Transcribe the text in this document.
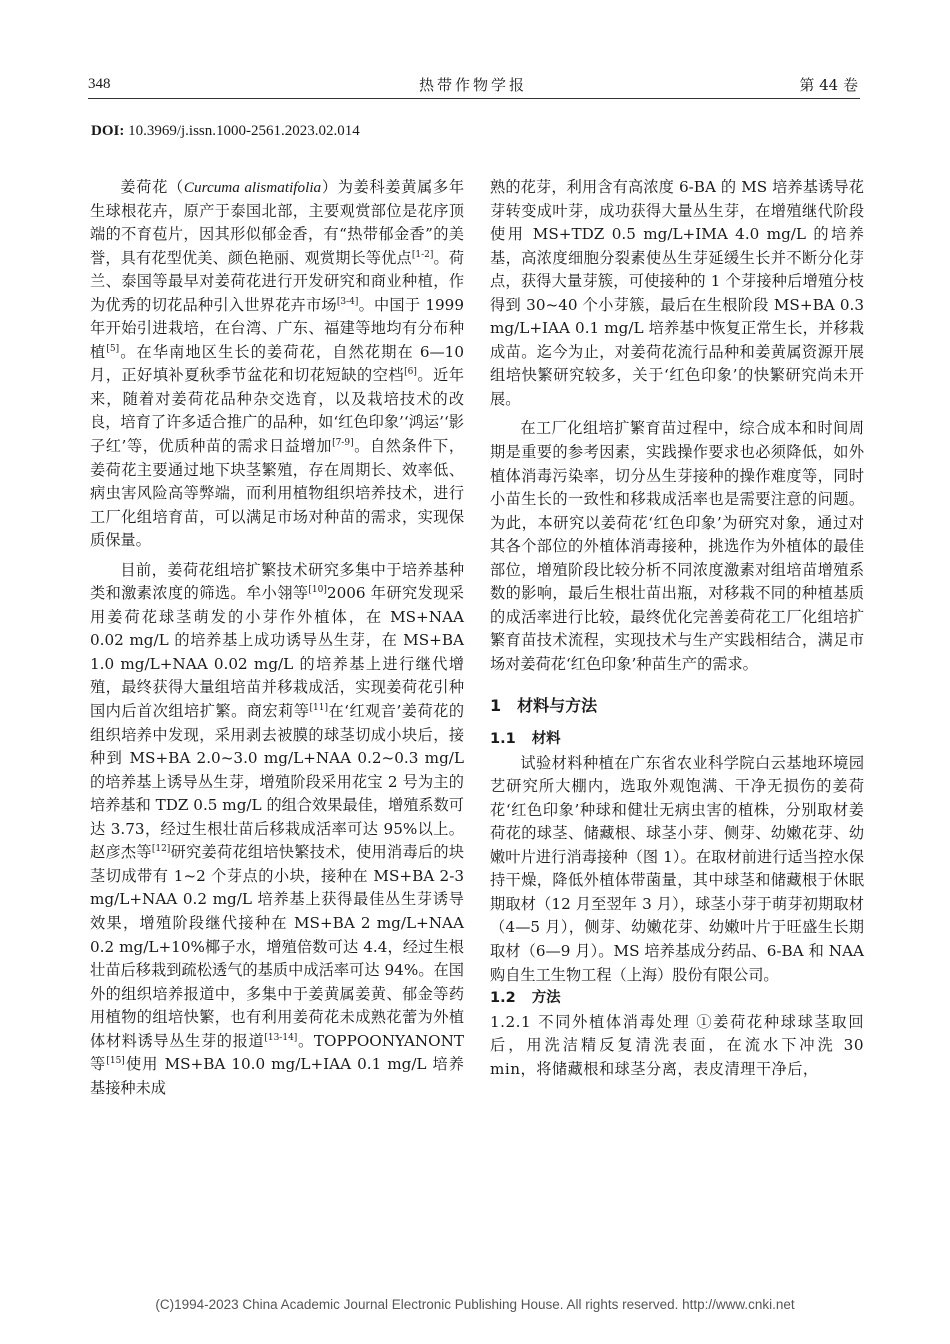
348	热带作物学报	第 44 卷
DOI: 10.3969/j.issn.1000-2561.2023.02.014

姜荷花（Curcuma alismatifolia）为姜科姜黄属多年生球根花卉，原产于泰国北部，主要观赏部位是花序顶端的不育苞片，因其形似郁金香，有“热带郁金香”的美誉，具有花型优美、颜色艳丽、观赏期长等优点[1-2]。荷兰、泰国等最早对姜荷花进行开发研究和商业种植，作为优秀的切花品种引入世界花卉市场[3-4]。中国于 1999 年开始引进栽培，在台湾、广东、福建等地均有分布种植[5]。在华南地区生长的姜荷花，自然花期在 6—10 月，正好填补夏秋季节盆花和切花短缺的空档[6]。近年来，随着对姜荷花品种杂交选育，以及栽培技术的改良，培育了许多适合推广的品种，如‘红色印象’‘鸿运’‘影子红’等，优质种苗的需求日益增加[7-9]。自然条件下，姜荷花主要通过地下块茎繁殖，存在周期长、效率低、病虫害风险高等弊端，而利用植物组织培养技术，进行工厂化组培育苗，可以满足市场对种苗的需求，实现保质保量。

目前，姜荷花组培扩繁技术研究多集中于培养基种类和激素浓度的筛选。牟小翎等[10]2006 年研究发现采用姜荷花球茎萌发的小芽作外植体，在 MS+NAA 0.02 mg/L 的培养基上成功诱导丛生芽，在 MS+BA 1.0 mg/L+NAA 0.02 mg/L 的培养基上进行继代增殖，最终获得大量组培苗并移栽成活，实现姜荷花引种国内后首次组培扩繁。商宏莉等[11]在‘红观音’姜荷花的组织培养中发现，采用剥去被膜的球茎切成小块后，接种到 MS+BA 2.0~3.0 mg/L+NAA 0.2~0.3 mg/L 的培养基上诱导丛生芽，增殖阶段采用花宝 2 号为主的培养基和 TDZ 0.5 mg/L 的组合效果最佳，增殖系数可达 3.73，经过生根壮苗后移栽成活率可达 95%以上。赵彦杰等[12]研究姜荷花组培快繁技术，使用消毒后的块茎切成带有 1~2 个芽点的小块，接种在 MS+BA 2-3 mg/L+NAA 0.2 mg/L 培养基上获得最佳丛生芽诱导效果，增殖阶段继代接种在 MS+BA 2 mg/L+NAA 0.2 mg/L+10%椰子水，增殖倍数可达 4.4，经过生根壮苗后移栽到疏松透气的基质中成活率可达 94%。在国外的组织培养报道中，多集中于姜黄属姜黄、郁金等药用植物的组培快繁，也有利用姜荷花未成熟花蕾为外植体材料诱导丛生芽的报道[13-14]。TOPPOONYANONT 等[15]使用 MS+BA 10.0 mg/L+IAA 0.1 mg/L 培养基接种未成

熟的花芽，利用含有高浓度 6-BA 的 MS 培养基诱导花芽转变成叶芽，成功获得大量丛生芽，在增殖继代阶段使用 MS+TDZ 0.5 mg/L+IMA 4.0 mg/L 的培养基，高浓度细胞分裂素使丛生芽延缓生长并不断分化芽点，获得大量芽簇，可使接种的 1 个芽接种后增殖分枝得到 30~40 个小芽簇，最后在生根阶段 MS+BA 0.3 mg/L+IAA 0.1 mg/L 培养基中恢复正常生长，并移栽成苗。迄今为止，对姜荷花流行品种和姜黄属资源开展组培快繁研究较多，关于‘红色印象’的快繁研究尚未开展。

在工厂化组培扩繁育苗过程中，综合成本和时间周期是重要的参考因素，实践操作要求也必须降低，如外植体消毒污染率，切分丛生芽接种的操作难度等，同时小苗生长的一致性和移栽成活率也是需要注意的问题。为此，本研究以姜荷花‘红色印象’为研究对象，通过对其各个部位的外植体消毒接种，挑选作为外植体的最佳部位，增殖阶段比较分析不同浓度激素对组培苗增殖系数的影响，最后生根壮苗出瓶，对移栽不同的种植基质的成活率进行比较，最终优化完善姜荷花工厂化组培扩繁育苗技术流程，实现技术与生产实践相结合，满足市场对姜荷花‘红色印象’种苗生产的需求。

1 材料与方法

1.1 材料

试验材料种植在广东省农业科学院白云基地环境园艺研究所大棚内，选取外观饱满、干净无损伤的姜荷花‘红色印象’种球和健壮无病虫害的植株，分别取材姜荷花的球茎、储藏根、球茎小芽、侧芽、幼嫩花芽、幼嫩叶片进行消毒接种（图 1）。在取材前进行适当控水保持干燥，降低外植体带菌量，其中球茎和储藏根于休眠期取材（12 月至翌年 3 月），球茎小芽于萌芽初期取材（4—5 月），侧芽、幼嫩花芽、幼嫩叶片于旺盛生长期取材（6—9 月）。MS 培养基成分药品、6-BA 和 NAA 购自生工生物工程（上海）股份有限公司。

1.2 方法

1.2.1 不同外植体消毒处理 ①姜荷花种球球茎取回后，用洗洁精反复清洗表面，在流水下冲洗 30 min，将储藏根和球茎分离，表皮清理干净后，

(C)1994-2023 China Academic Journal Electronic Publishing House. All rights reserved. http://www.cnki.net
